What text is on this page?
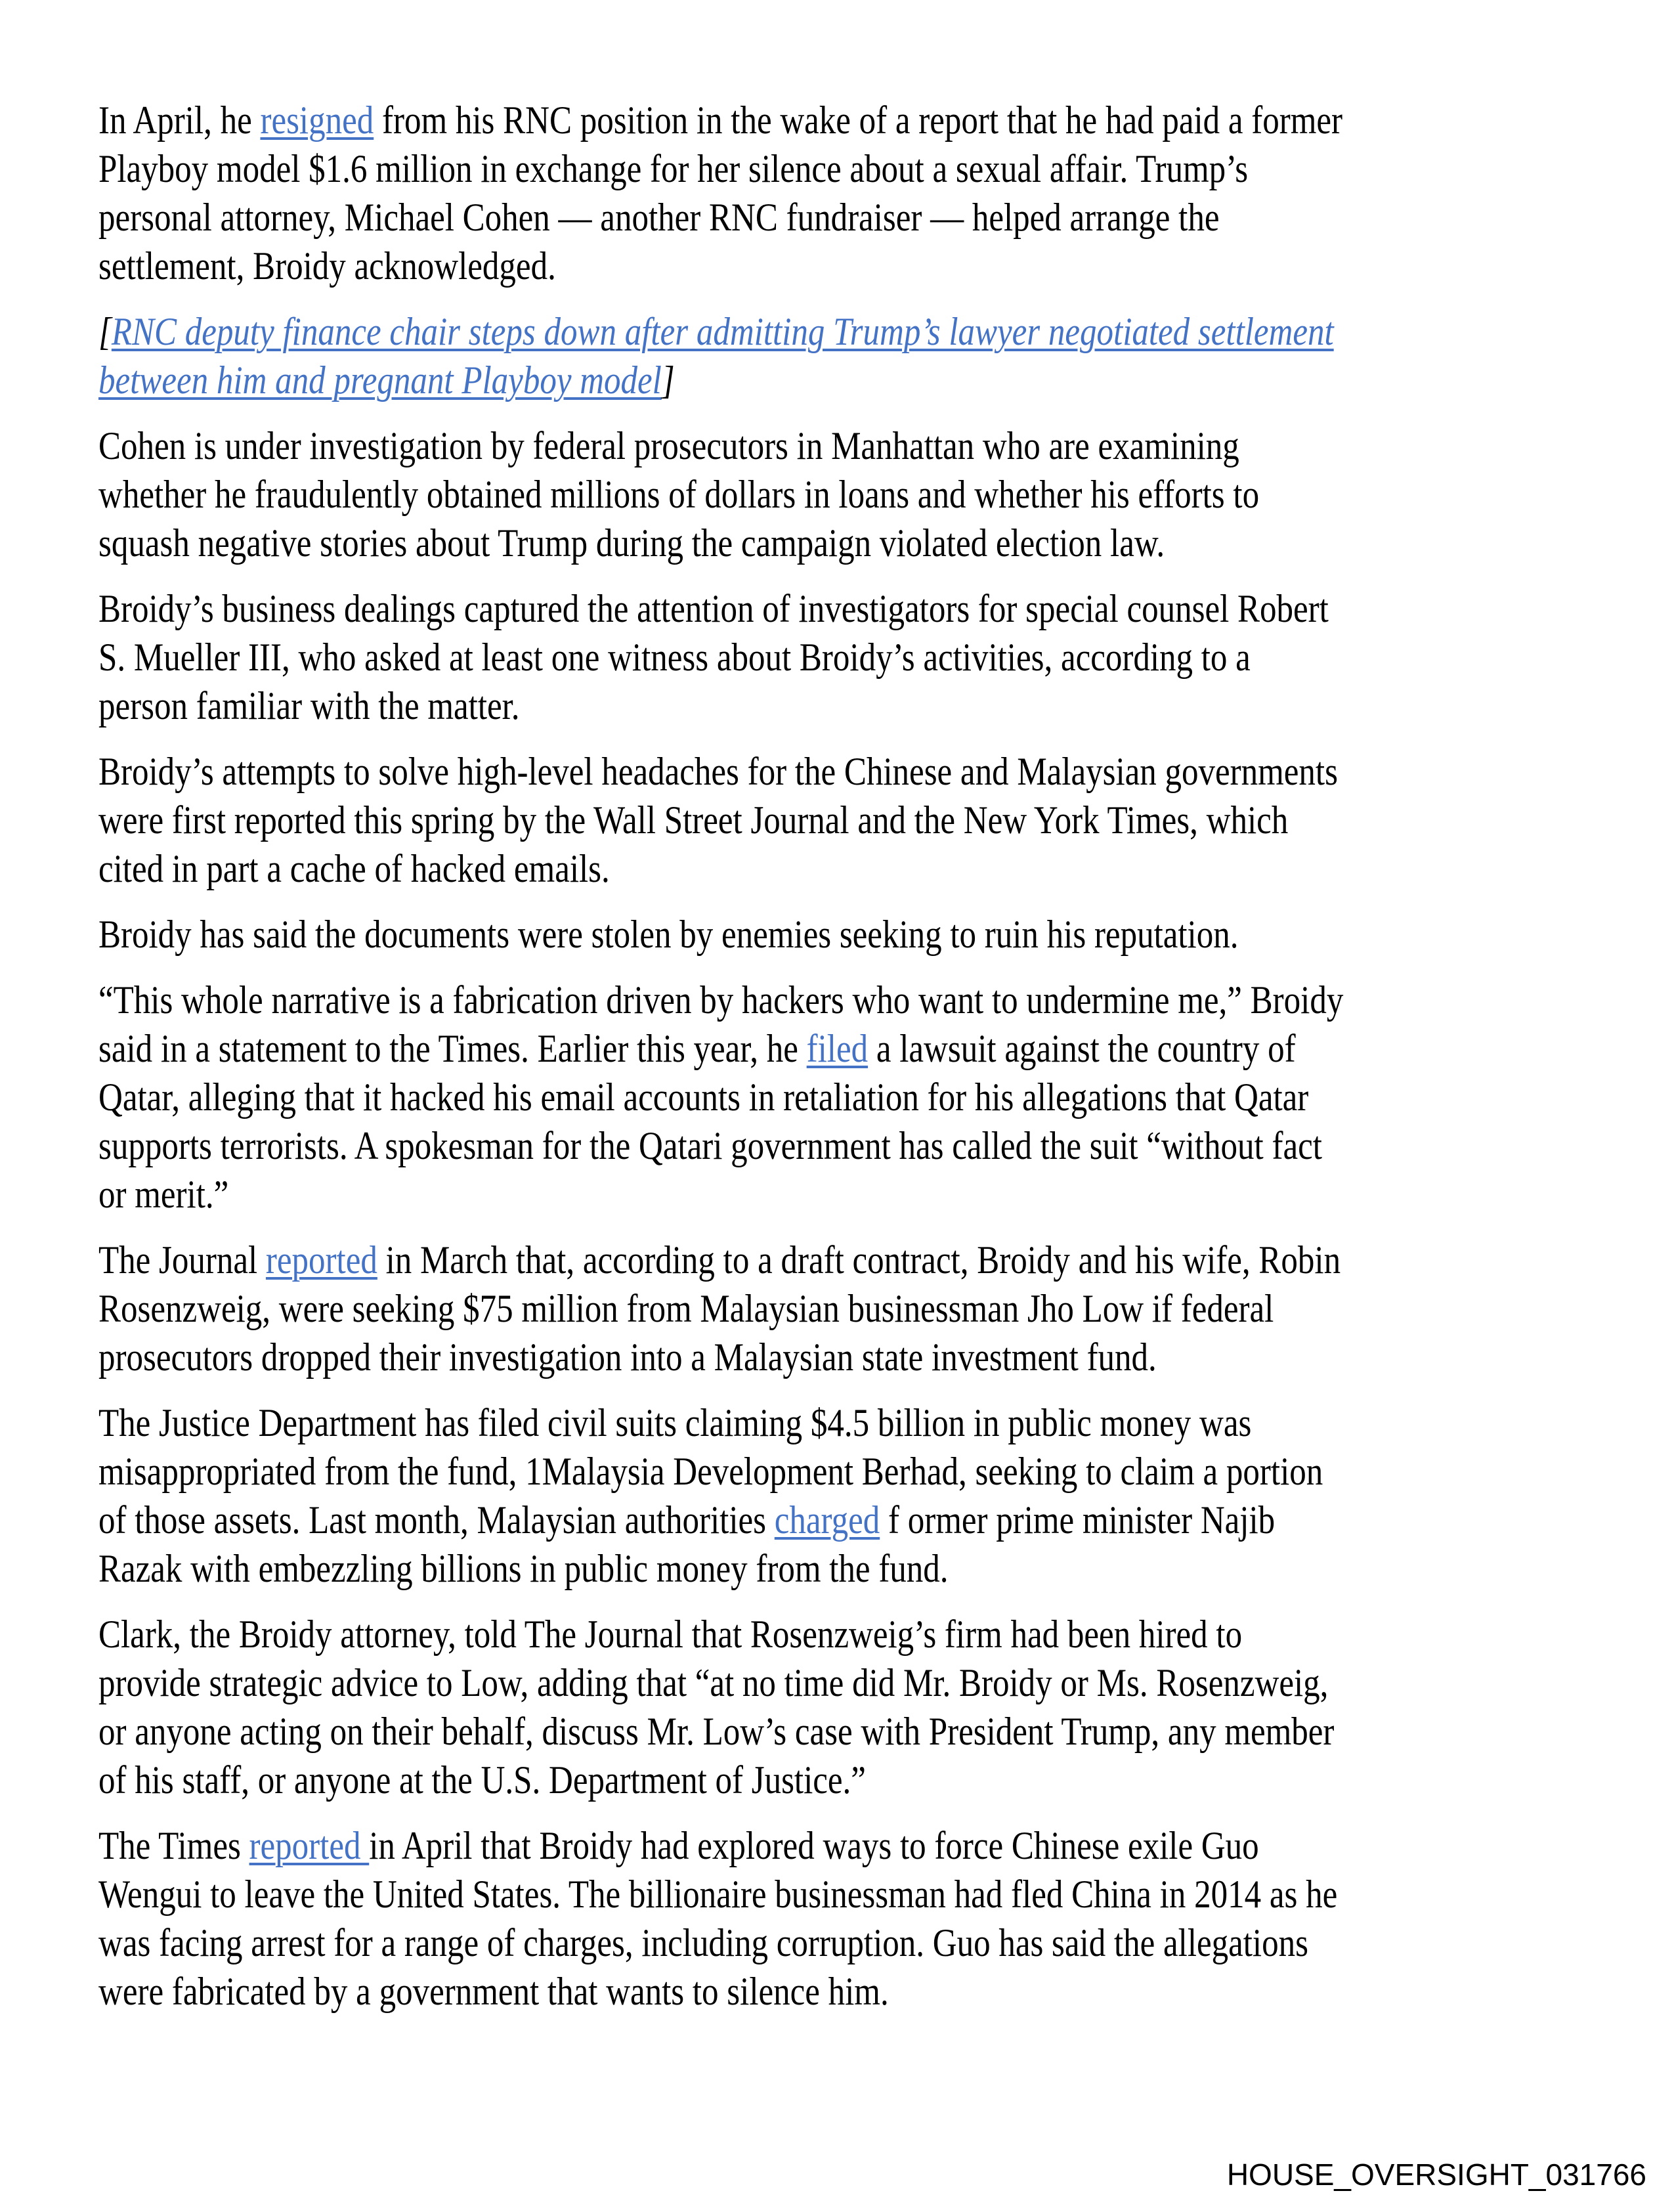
In April, he resigned from his RNC position in the wake of a report that he had paid a former
Playboy model $1.6 million in exchange for her silence about a sexual affair. Trump’s
personal attorney, Michael Cohen — another RNC fundraiser — helped arrange the
settlement, Broidy acknowledged.
[RNC deputy finance chair steps down after admitting Trump’s lawyer negotiated settlement
between him and pregnant Playboy model]
Cohen is under investigation by federal prosecutors in Manhattan who are examining
whether he fraudulently obtained millions of dollars in loans and whether his efforts to
squash negative stories about Trump during the campaign violated election law.
Broidy’s business dealings captured the attention of investigators for special counsel Robert
S. Mueller III, who asked at least one witness about Broidy’s activities, according to a
person familiar with the matter.
Broidy’s attempts to solve high-level headaches for the Chinese and Malaysian governments
were first reported this spring by the Wall Street Journal and the New York Times, which
cited in part a cache of hacked emails.
Broidy has said the documents were stolen by enemies seeking to ruin his reputation.
“This whole narrative is a fabrication driven by hackers who want to undermine me,” Broidy
said in a statement to the Times. Earlier this year, he filed a lawsuit against the country of
Qatar, alleging that it hacked his email accounts in retaliation for his allegations that Qatar
supports terrorists. A spokesman for the Qatari government has called the suit “without fact
or merit.”
The Journal reported in March that, according to a draft contract, Broidy and his wife, Robin
Rosenzweig, were seeking $75 million from Malaysian businessman Jho Low if federal
prosecutors dropped their investigation into a Malaysian state investment fund.
The Justice Department has filed civil suits claiming $4.5 billion in public money was
misappropriated from the fund, 1Malaysia Development Berhad, seeking to claim a portion
of those assets. Last month, Malaysian authorities charged f ormer prime minister Najib
Razak with embezzling billions in public money from the fund.
Clark, the Broidy attorney, told The Journal that Rosenzweig’s firm had been hired to
provide strategic advice to Low, adding that “at no time did Mr. Broidy or Ms. Rosenzweig,
or anyone acting on their behalf, discuss Mr. Low’s case with President Trump, any member
of his staff, or anyone at the U.S. Department of Justice.”
The Times reported in April that Broidy had explored ways to force Chinese exile Guo
Wengui to leave the United States. The billionaire businessman had fled China in 2014 as he
was facing arrest for a range of charges, including corruption. Guo has said the allegations
were fabricated by a government that wants to silence him.
HOUSE_OVERSIGHT_031766
